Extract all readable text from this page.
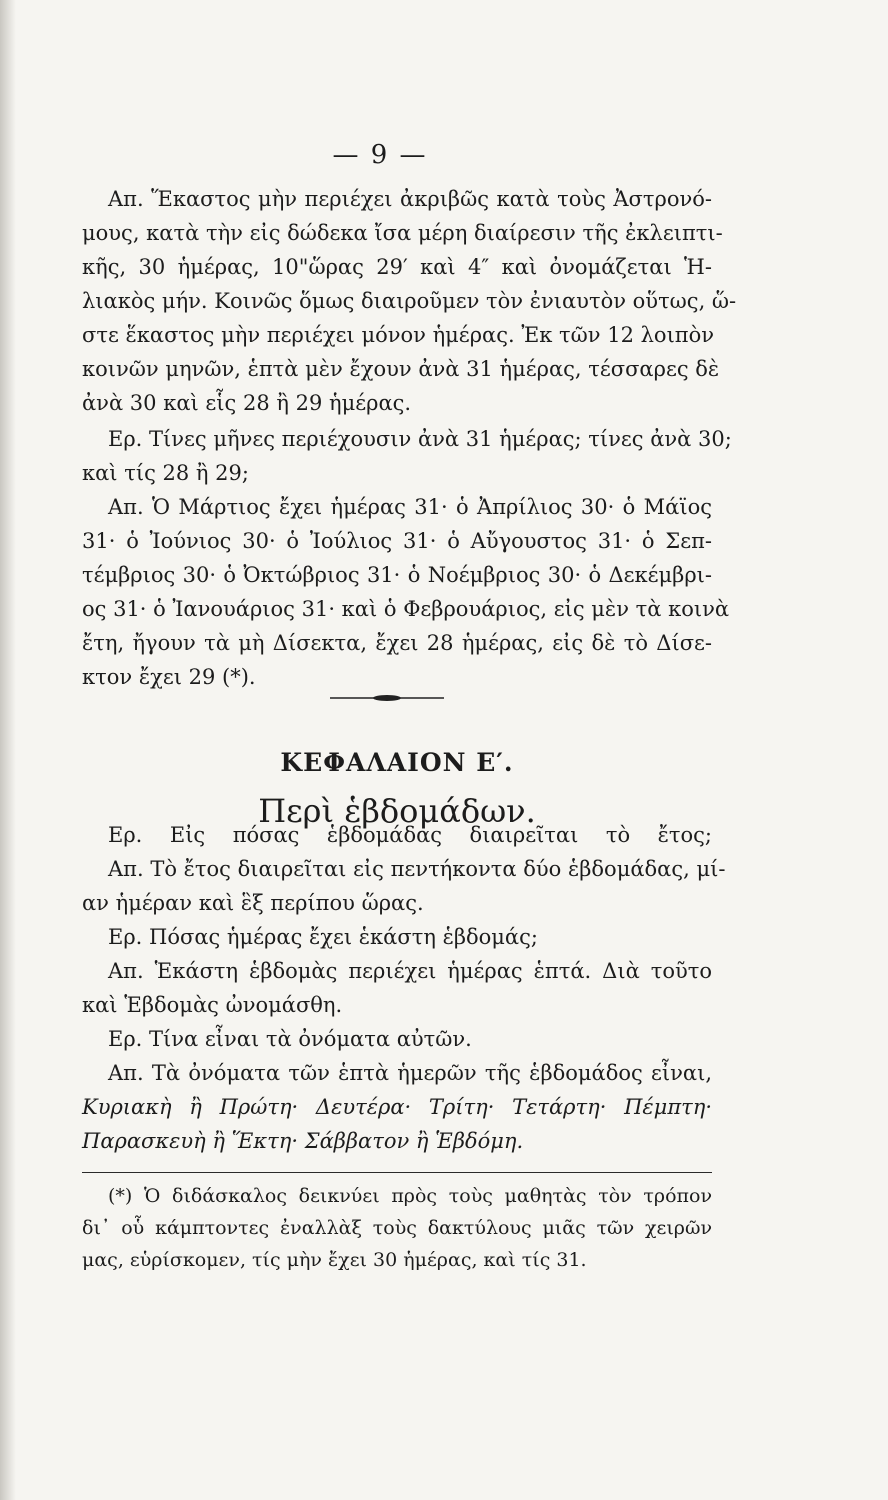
— 9 —
Απ. Ἕκαστος μὴν περιέχει ἀκριβῶς κατὰ τοὺς Ἀστρονό-
μους, κατὰ τὴν εἰς δώδεκα ἴσα μέρη διαίρεσιν τῆς ἐκλειπτι-
κῆς, 30 ἡμέρας, 10"ὥρας 29′ καὶ 4″ καὶ ὀνομάζεται Ἡ-
λιακὸς μήν. Κοινῶς ὅμως διαιροῦμεν τὸν ἐνιαυτὸν οὕτως, ὥ-
στε ἕκαστος μὴν περιέχει μόνον ἡμέρας. Ἐκ τῶν 12 λοιπὸν
κοινῶν μηνῶν, ἑπτὰ μὲν ἔχουν ἀνὰ 31 ἡμέρας, τέσσαρες δὲ
ἀνὰ 30 καὶ εἷς 28 ἢ 29 ἡμέρας.
Ερ. Τίνες μῆνες περιέχουσιν ἀνὰ 31 ἡμέρας; τίνες ἀνὰ 30;
καὶ τίς 28 ἢ 29;
Απ. Ὁ Μάρτιος ἔχει ἡμέρας 31· ὁ Ἀπρίλιος 30· ὁ Μάϊος
31· ὁ Ἰούνιος 30· ὁ Ἰούλιος 31· ὁ Αὔγουστος 31· ὁ Σεπ-
τέμβριος 30· ὁ Ὀκτώβριος 31· ὁ Νοέμβριος 30· ὁ Δεκέμβρι-
ος 31· ὁ Ἰανουάριος 31· καὶ ὁ Φεβρουάριος, εἰς μὲν τὰ κοινὰ
ἔτη, ἤγουν τὰ μὴ Δίσεκτα, ἔχει 28 ἡμέρας, εἰς δὲ τὸ Δίσε-
κτον ἔχει 29 (*).
ΚΕΦΑΛΑΙΟΝ Ε′.
Περὶ ἑβδομάδων.
Ερ. Εἰς πόσας ἑβδομάδας διαιρεῖται τὸ ἔτος;
Απ. Τὸ ἔτος διαιρεῖται εἰς πεντήκοντα δύο ἑβδομάδας, μί-
αν ἡμέραν καὶ ἓξ περίπου ὥρας.
Ερ. Πόσας ἡμέρας ἔχει ἑκάστη ἑβδομάς;
Απ. Ἑκάστη ἑβδομὰς περιέχει ἡμέρας ἑπτά. Διὰ τοῦτο
καὶ Ἑβδομὰς ὠνομάσθη.
Ερ. Τίνα εἶναι τὰ ὀνόματα αὐτῶν.
Απ. Τὰ ὀνόματα τῶν ἑπτὰ ἡμερῶν τῆς ἑβδομάδος εἶναι,
Κυριακὴ ἢ Πρώτη· Δευτέρα· Τρίτη· Τετάρτη· Πέμπτη·
Παρασκευὴ ἢ Ἕκτη· Σάββατον ἢ Ἑβδόμη.
(*) Ὁ διδάσκαλος δεικνύει πρὸς τοὺς μαθητὰς τὸν τρόπον
δι᾽ οὗ κάμπτοντες ἐναλλὰξ τοὺς δακτύλους μιᾶς τῶν χειρῶν
μας, εὑρίσκομεν, τίς μὴν ἔχει 30 ἡμέρας, καὶ τίς 31.
